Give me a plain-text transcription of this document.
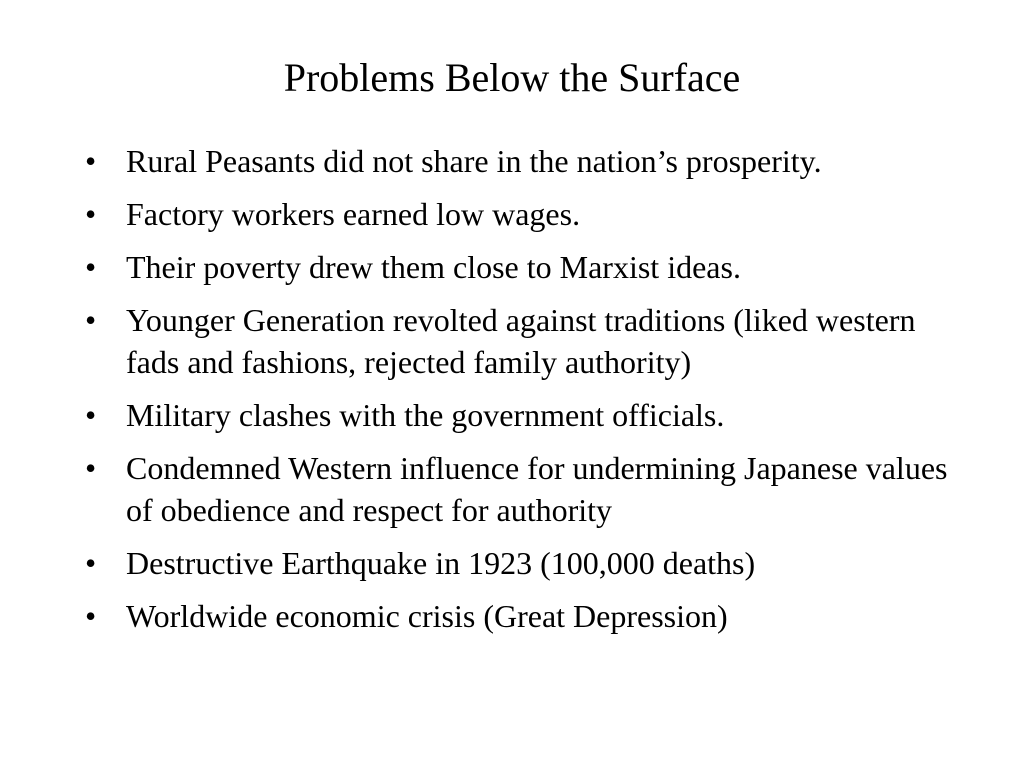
Problems Below the Surface
• Rural Peasants did not share in the nation’s prosperity.
• Factory workers earned low wages.
• Their poverty drew them close to Marxist ideas.
• Younger Generation revolted against traditions (liked western fads and fashions, rejected family authority)
• Military clashes with the government officials.
• Condemned Western influence for undermining Japanese values of obedience and respect for authority
• Destructive Earthquake in 1923 (100,000 deaths)
• Worldwide economic crisis (Great Depression)
